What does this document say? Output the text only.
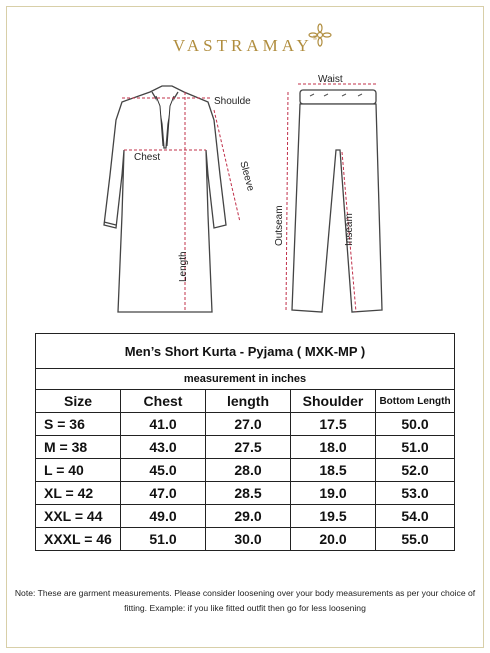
VASTRAMAY®
Shoulde
Chest
Sleeve
Length
Waist
Outseam	Inseam
Men’s Short Kurta - Pyjama ( MXK-MP )				
measurement in inches				
Size	Chest	length	Shoulder	Bottom Length

S = 36	41.0	27.0	17.5	50.0
M = 38	43.0	27.5	18.0	51.0
L = 40	45.0	28.0	18.5	52.0
XL = 42	47.0	28.5	19.0	53.0
XXL = 44	49.0	29.0	19.5	54.0
XXXL = 46	51.0	30.0	20.0	55.0
Note: These are garment measurements. Please consider loosening over your body measurements as per your choice of fitting. Example: if you like fitted outfit then go for less loosening
